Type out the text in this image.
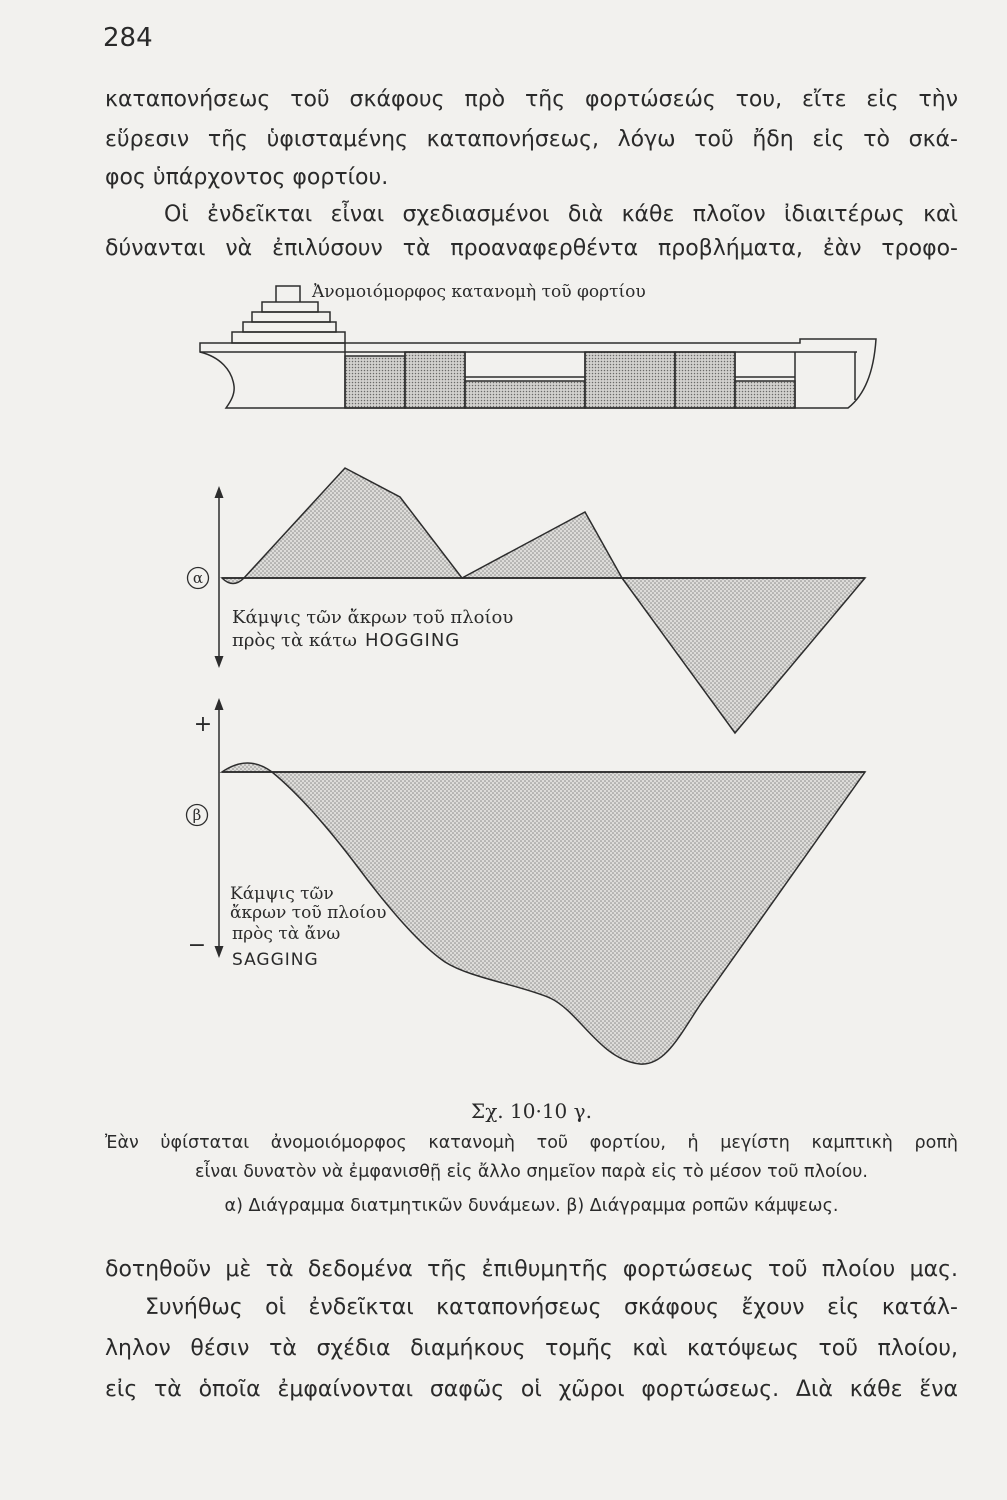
284
καταπονήσεως τοῦ σκάφους πρὸ τῆς φορτώσεώς του, εἴτε εἰς τὴν
εὕρεσιν τῆς ὑφισταμένης καταπονήσεως, λόγω τοῦ ἤδη εἰς τὸ σκά-
φος ὑπάρχοντος φορτίου.
Οἱ ἐνδεῖκται εἶναι σχεδιασμένοι διὰ κάθε πλοῖον ἰδιαιτέρως καὶ
δύνανται νὰ ἐπιλύσουν τὰ προαναφερθέντα προβλήματα, ἐὰν τροφο-
Ἀνομοιόμορφος κατανομὴ τοῦ φορτίου
α
Κάμψις τῶν ἄκρων τοῦ πλοίου
πρὸς τὰ κάτω HOGGING
β
+
−
Κάμψις τῶν
ἄκρων τοῦ πλοίου
πρὸς τὰ ἄνω
SAGGING
Σχ. 10·10 γ.
Ἐὰν ὑφίσταται ἀνομοιόμορφος κατανομὴ τοῦ φορτίου, ἡ μεγίστη καμπτικὴ ροπὴ
εἶναι δυνατὸν νὰ ἐμφανισθῇ εἰς ἄλλο σημεῖον παρὰ εἰς τὸ μέσον τοῦ πλοίου.
α) Διάγραμμα διατμητικῶν δυνάμεων. β) Διάγραμμα ροπῶν κάμψεως.
δοτηθοῦν μὲ τὰ δεδομένα τῆς ἐπιθυμητῆς φορτώσεως τοῦ πλοίου μας.
Συνήθως οἱ ἐνδεῖκται καταπονήσεως σκάφους ἔχουν εἰς κατάλ-
ληλον θέσιν τὰ σχέδια διαμήκους τομῆς καὶ κατόψεως τοῦ πλοίου,
εἰς τὰ ὁποῖα ἐμφαίνονται σαφῶς οἱ χῶροι φορτώσεως. Διὰ κάθε ἕνα
